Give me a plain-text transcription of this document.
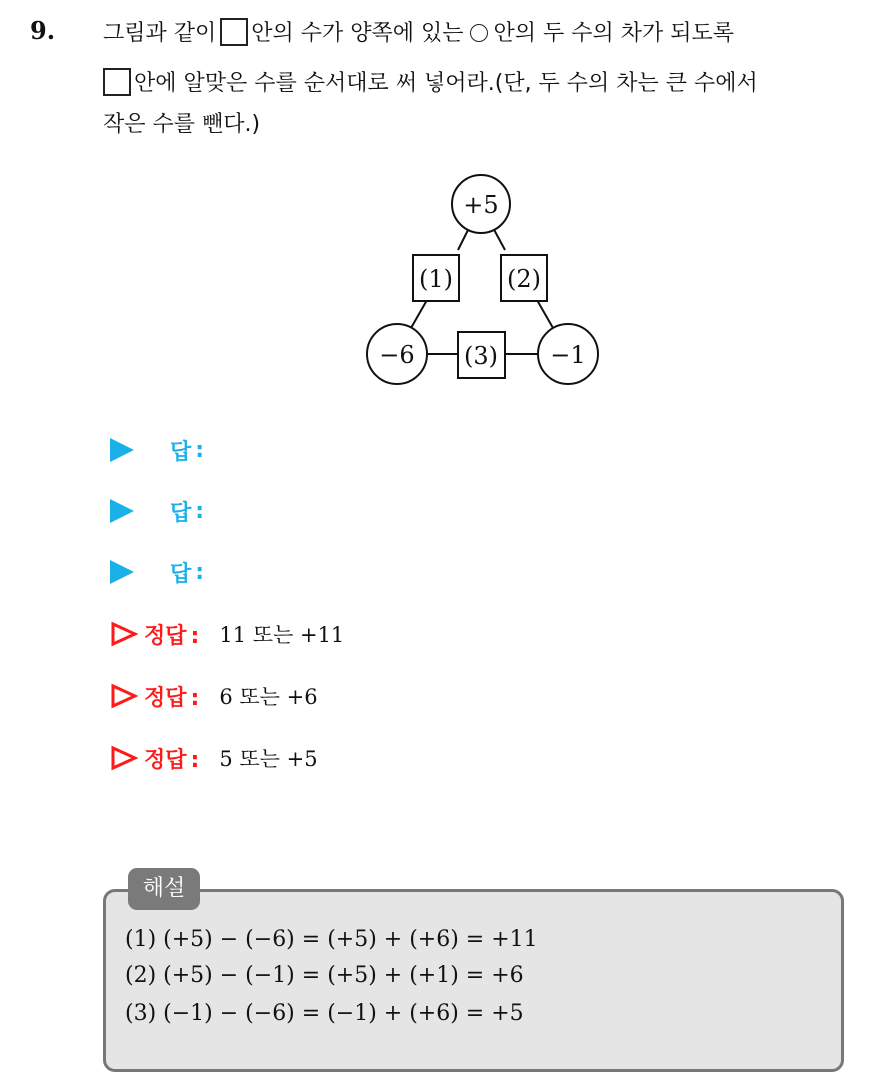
9. 그림과 같이 안의 수가 양쪽에 있는 안의 두 수의 차가 되도록
안에 알맞은 수를 순서대로 써 넣어라.(단, 두 수의 차는 큰 수에서
작은 수를 뺀다.)
+5
−6	−1
(1) (2)
(3)
답 :
답 :
답 :
정답 : 11 또는 +11
정답 : 6 또는 +6
정답 : 5 또는 +5
해설
(1) (+5) − (−6) = (+5) + (+6) = +11
(2) (+5) − (−1) = (+5) + (+1) = +6
(3) (−1) − (−6) = (−1) + (+6) = +5
